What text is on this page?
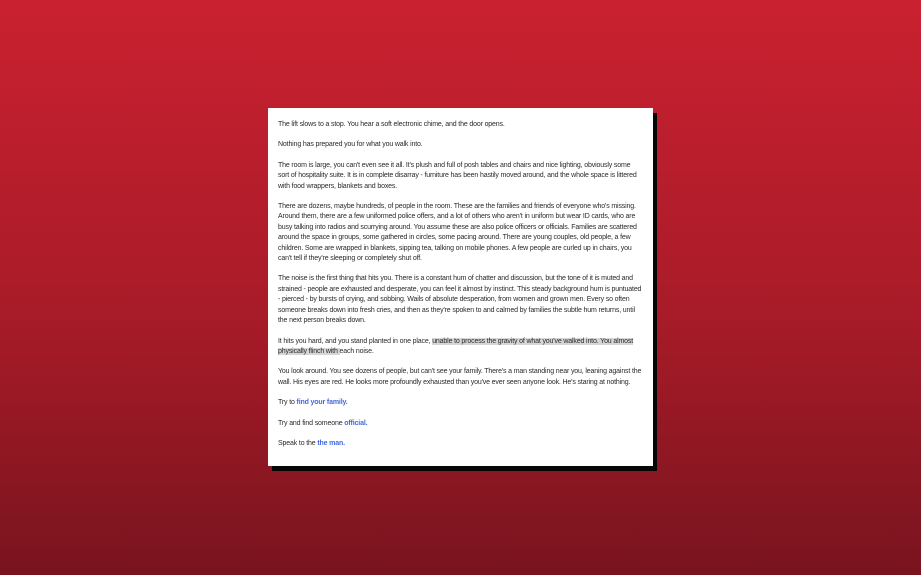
The lift slows to a stop. You hear a soft electronic chime, and the door opens.

Nothing has prepared you for what you walk into.

The room is large, you can't even see it all. It's plush and full of posh tables and chairs and nice lighting, obviously some sort of hospitality suite. It is in complete disarray - furniture has been hastily moved around, and the whole space is littered with food wrappers, blankets and boxes.

There are dozens, maybe hundreds, of people in the room. These are the families and friends of everyone who's missing. Around them, there are a few uniformed police offers, and a lot of others who aren't in uniform but wear ID cards, who are busy talking into radios and scurrying around. You assume these are also police officers or officials. Families are scattered around the space in groups, some gathered in circles, some pacing around. There are young couples, old people, a few children. Some are wrapped in blankets, sipping tea, talking on mobile phones. A few people are curled up in chairs, you can't tell if they're sleeping or completely shut off.

The noise is the first thing that hits you. There is a constant hum of chatter and discussion, but the tone of it is muted and strained - people are exhausted and desperate, you can feel it almost by instinct. This steady background hum is puntuated - pierced - by bursts of crying, and sobbing. Wails of absolute desperation, from women and grown men. Every so often someone breaks down into fresh cries, and then as they're spoken to and calmed by families the subtle hum returns, until the next person breaks down.

It hits you hard, and you stand planted in one place, unable to process the gravity of what you've walked into. You almost physically flinch with each noise.

You look around. You see dozens of people, but can't see your family. There's a man standing near you, leaning against the wall. His eyes are red. He looks more profoundly exhausted than you've ever seen anyone look. He's staring at nothing.

Try to find your family.

Try and find someone official.

Speak to the the man.
